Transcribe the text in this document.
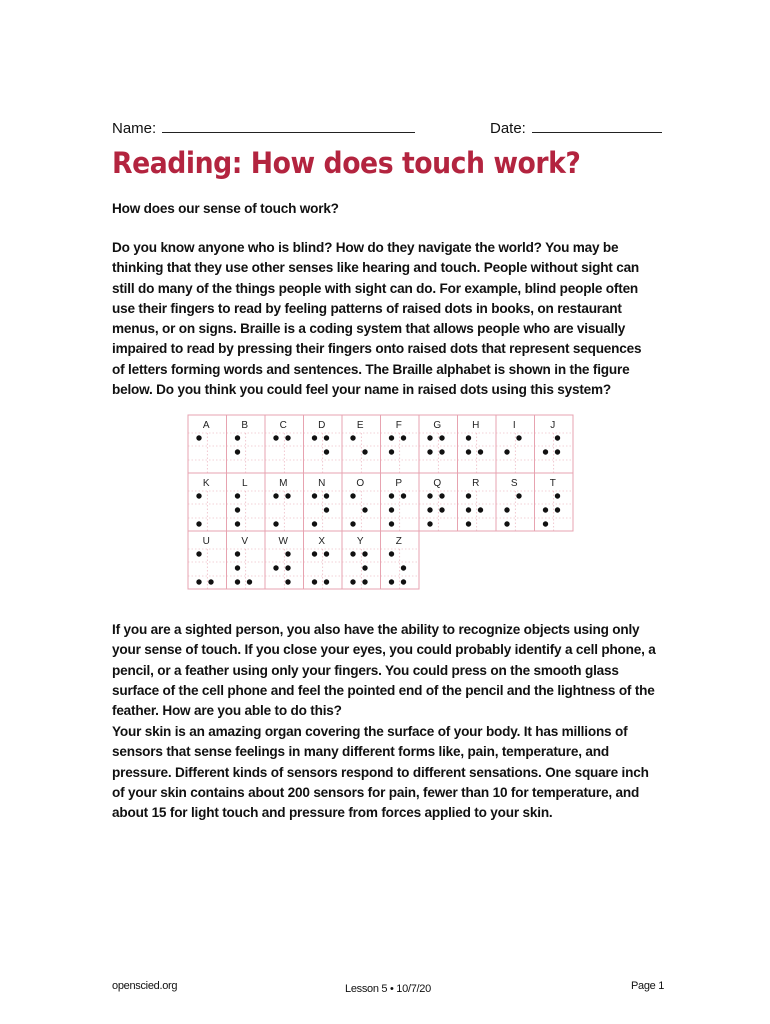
Name:	Date:
Reading: How does touch work?

How does our sense of touch work?

Do you know anyone who is blind? How do they navigate the world? You may be thinking that they use other senses like hearing and touch. People without sight can still do many of the things people with sight can do. For example, blind people often use their fingers to read by feeling patterns of raised dots in books, on restaurant menus, or on signs. Braille is a coding system that allows people who are visually impaired to read by pressing their fingers onto raised dots that represent sequences of letters forming words and sentences. The Braille alphabet is shown in the figure below. Do you think you could feel your name in raised dots using this system?

A	B	C	D	E	F	G	H	I	J
K	L	M	N	O	P	Q	R	S	T
U	V	W	X	Y	Z

If you are a sighted person, you also have the ability to recognize objects using only your sense of touch. If you close your eyes, you could probably identify a cell phone, a pencil, or a feather using only your fingers. You could press on the smooth glass surface of the cell phone and feel the pointed end of the pencil and the lightness of the feather. How are you able to do this?

Your skin is an amazing organ covering the surface of your body. It has millions of sensors that sense feelings in many different forms like, pain, temperature, and pressure. Different kinds of sensors respond to different sensations. One square inch of your skin contains about 200 sensors for pain, fewer than 10 for temperature, and about 15 for light touch and pressure from forces applied to your skin.

openscied.org	Lesson 5 • 10/7/20	Page 1
